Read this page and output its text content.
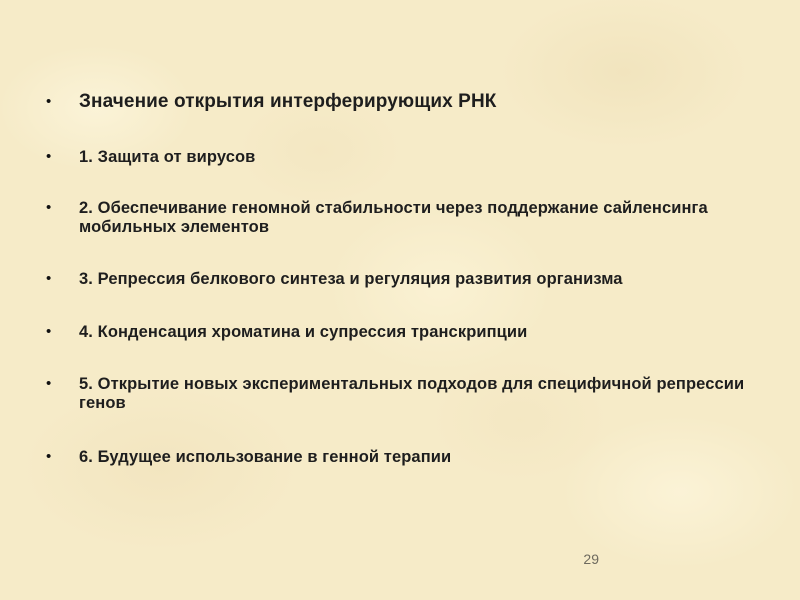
•	Значение открытия интерферирующих РНК
•	1. Защита от вирусов
•	2. Обеспечивание геномной стабильности через поддержание сайленсинга мобильных элементов
•	3. Репрессия белкового синтеза и регуляция развития организма
•	4. Конденсация хроматина и супрессия транскрипции
•	5. Открытие новых экспериментальных подходов для специфичной репрессии генов
•	6. Будущее использование в генной терапии
29
